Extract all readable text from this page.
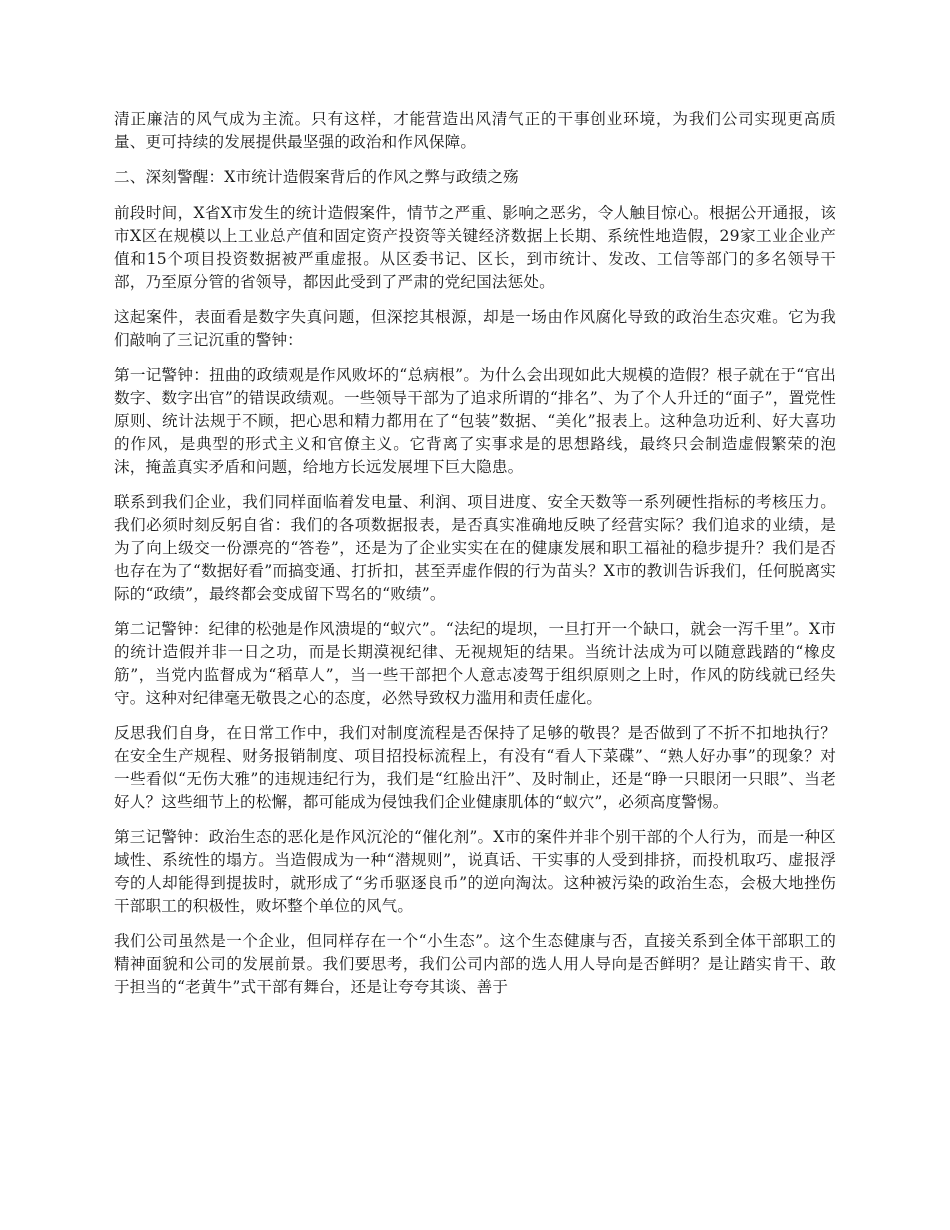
清正廉洁的风气成为主流。只有这样，才能营造出风清气正的干事创业环境，为我们公司实现更高质量、更可持续的发展提供最坚强的政治和作风保障。

二、深刻警醒：X市统计造假案背后的作风之弊与政绩之殇

前段时间，X省X市发生的统计造假案件，情节之严重、影响之恶劣，令人触目惊心。根据公开通报，该市X区在规模以上工业总产值和固定资产投资等关键经济数据上长期、系统性地造假，29家工业企业产值和15个项目投资数据被严重虚报。从区委书记、区长，到市统计、发改、工信等部门的多名领导干部，乃至原分管的省领导，都因此受到了严肃的党纪国法惩处。

这起案件，表面看是数字失真问题，但深挖其根源，却是一场由作风腐化导致的政治生态灾难。它为我们敲响了三记沉重的警钟：

第一记警钟：扭曲的政绩观是作风败坏的“总病根”。为什么会出现如此大规模的造假？根子就在于“官出数字、数字出官”的错误政绩观。一些领导干部为了追求所谓的“排名”、为了个人升迁的“面子”，置党性原则、统计法规于不顾，把心思和精力都用在了“包装”数据、“美化”报表上。这种急功近利、好大喜功的作风，是典型的形式主义和官僚主义。它背离了实事求是的思想路线，最终只会制造虚假繁荣的泡沫，掩盖真实矛盾和问题，给地方长远发展埋下巨大隐患。

联系到我们企业，我们同样面临着发电量、利润、项目进度、安全天数等一系列硬性指标的考核压力。我们必须时刻反躬自省：我们的各项数据报表，是否真实准确地反映了经营实际？我们追求的业绩，是为了向上级交一份漂亮的“答卷”，还是为了企业实实在在的健康发展和职工福祉的稳步提升？我们是否也存在为了“数据好看”而搞变通、打折扣，甚至弄虚作假的行为苗头？X市的教训告诉我们，任何脱离实际的“政绩”，最终都会变成留下骂名的“败绩”。

第二记警钟：纪律的松弛是作风溃堤的“蚁穴”。“法纪的堤坝，一旦打开一个缺口，就会一泻千里”。X市的统计造假并非一日之功，而是长期漠视纪律、无视规矩的结果。当统计法成为可以随意践踏的“橡皮筋”，当党内监督成为“稻草人”，当一些干部把个人意志凌驾于组织原则之上时，作风的防线就已经失守。这种对纪律毫无敬畏之心的态度，必然导致权力滥用和责任虚化。

反思我们自身，在日常工作中，我们对制度流程是否保持了足够的敬畏？是否做到了不折不扣地执行？在安全生产规程、财务报销制度、项目招投标流程上，有没有“看人下菜碟”、“熟人好办事”的现象？对一些看似“无伤大雅”的违规违纪行为，我们是“红脸出汗”、及时制止，还是“睁一只眼闭一只眼”、当老好人？这些细节上的松懈，都可能成为侵蚀我们企业健康肌体的“蚁穴”，必须高度警惕。

第三记警钟：政治生态的恶化是作风沉沦的“催化剂”。X市的案件并非个别干部的个人行为，而是一种区域性、系统性的塌方。当造假成为一种“潜规则”，说真话、干实事的人受到排挤，而投机取巧、虚报浮夸的人却能得到提拔时，就形成了“劣币驱逐良币”的逆向淘汰。这种被污染的政治生态，会极大地挫伤干部职工的积极性，败坏整个单位的风气。

我们公司虽然是一个企业，但同样存在一个“小生态”。这个生态健康与否，直接关系到全体干部职工的精神面貌和公司的发展前景。我们要思考，我们公司内部的选人用人导向是否鲜明？是让踏实肯干、敢于担当的“老黄牛”式干部有舞台，还是让夸夸其谈、善于
